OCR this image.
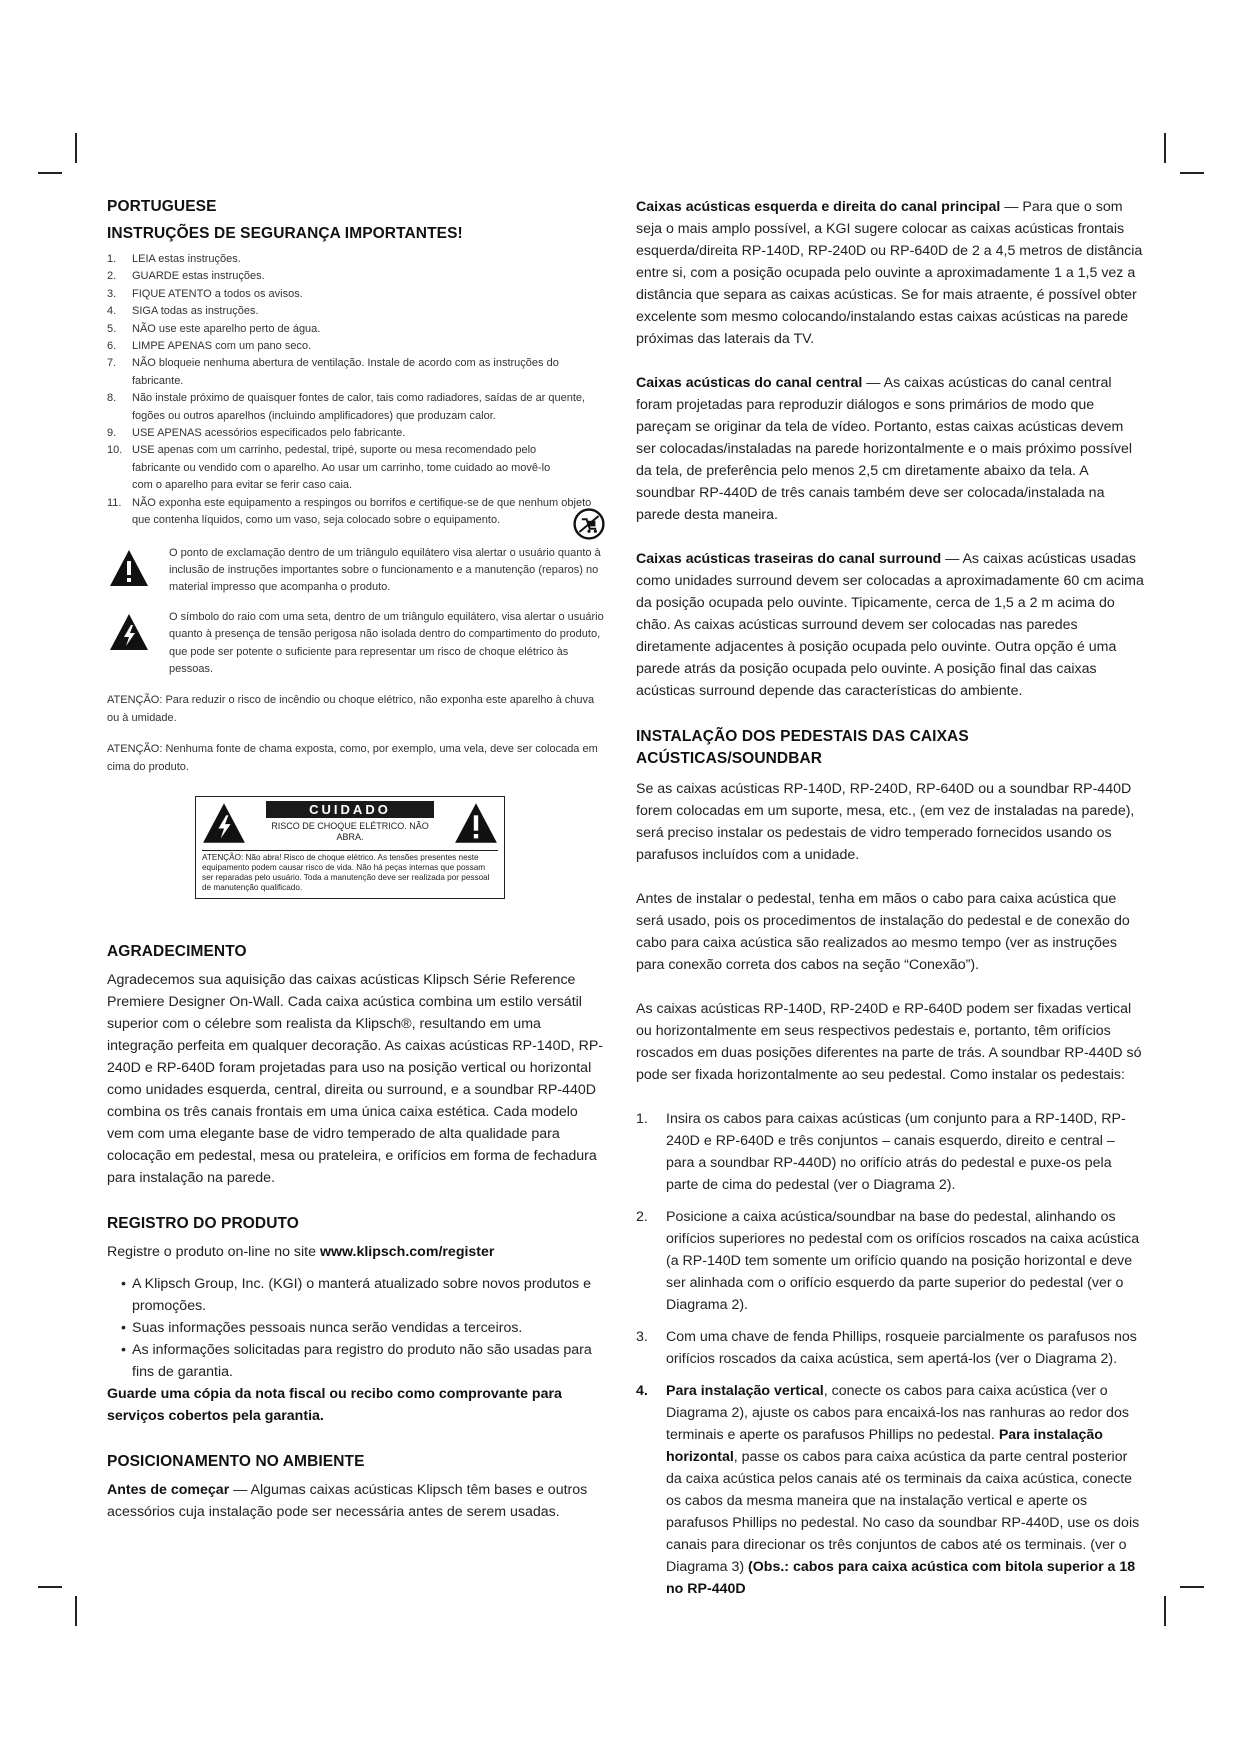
PORTUGUESE
INSTRUÇÕES DE SEGURANÇA IMPORTANTES!
1. LEIA estas instruções.
2. GUARDE estas instruções.
3. FIQUE ATENTO a todos os avisos.
4. SIGA todas as instruções.
5. NÃO use este aparelho perto de água.
6. LIMPE APENAS com um pano seco.
7. NÃO bloqueie nenhuma abertura de ventilação. Instale de acordo com as instruções do fabricante.
8. Não instale próximo de quaisquer fontes de calor, tais como radiadores, saídas de ar quente, fogões ou outros aparelhos (incluindo amplificadores) que produzam calor.
9. USE APENAS acessórios especificados pelo fabricante.
10. USE apenas com um carrinho, pedestal, tripé, suporte ou mesa recomendado pelo fabricante ou vendido com o aparelho. Ao usar um carrinho, tome cuidado ao movê-lo com o aparelho para evitar se ferir caso caia.
11. NÃO exponha este equipamento a respingos ou borrifos e certifique-se de que nenhum objeto que contenha líquidos, como um vaso, seja colocado sobre o equipamento.

O ponto de exclamação dentro de um triângulo equilátero visa alertar o usuário quanto à inclusão de instruções importantes sobre o funcionamento e a manutenção (reparos) no material impresso que acompanha o produto.

O símbolo do raio com uma seta, dentro de um triângulo equilátero, visa alertar o usuário quanto à presença de tensão perigosa não isolada dentro do compartimento do produto, que pode ser potente o suficiente para representar um risco de choque elétrico às pessoas.

ATENÇÃO: Para reduzir o risco de incêndio ou choque elétrico, não exponha este aparelho à chuva ou à umidade.

ATENÇÃO: Nenhuma fonte de chama exposta, como, por exemplo, uma vela, deve ser colocada em cima do produto.

CUIDADO
RISCO DE CHOQUE ELÉTRICO. NÃO ABRA.
ATENÇÃO: Não abra! Risco de choque elétrico. As tensões presentes neste equipamento podem causar risco de vida. Não há peças internas que possam ser reparadas pelo usuário. Toda a manutenção deve ser realizada por pessoal de manutenção qualificado.
AGRADECIMENTO

Agradecemos sua aquisição das caixas acústicas Klipsch Série Reference Premiere Designer On-Wall. Cada caixa acústica combina um estilo versátil superior com o célebre som realista da Klipsch®, resultando em uma integração perfeita em qualquer decoração. As caixas acústicas RP-140D, RP-240D e RP-640D foram projetadas para uso na posição vertical ou horizontal como unidades esquerda, central, direita ou surround, e a soundbar RP-440D combina os três canais frontais em uma única caixa estética. Cada modelo vem com uma elegante base de vidro temperado de alta qualidade para colocação em pedestal, mesa ou prateleira, e orifícios em forma de fechadura para instalação na parede.

REGISTRO DO PRODUTO

Registre o produto on-line no site www.klipsch.com/register

• A Klipsch Group, Inc. (KGI) o manterá atualizado sobre novos produtos e promoções.
• Suas informações pessoais nunca serão vendidas a terceiros.
• As informações solicitadas para registro do produto não são usadas para fins de garantia.

Guarde uma cópia da nota fiscal ou recibo como comprovante para serviços cobertos pela garantia.

POSICIONAMENTO NO AMBIENTE

Antes de começar — Algumas caixas acústicas Klipsch têm bases e outros acessórios cuja instalação pode ser necessária antes de serem usadas.

Caixas acústicas esquerda e direita do canal principal — Para que o som seja o mais amplo possível, a KGI sugere colocar as caixas acústicas frontais esquerda/direita RP-140D, RP-240D ou RP-640D de 2 a 4,5 metros de distância entre si, com a posição ocupada pelo ouvinte a aproximadamente 1 a 1,5 vez a distância que separa as caixas acústicas. Se for mais atraente, é possível obter excelente som mesmo colocando/instalando estas caixas acústicas na parede próximas das laterais da TV.

Caixas acústicas do canal central — As caixas acústicas do canal central foram projetadas para reproduzir diálogos e sons primários de modo que pareçam se originar da tela de vídeo. Portanto, estas caixas acústicas devem ser colocadas/instaladas na parede horizontalmente e o mais próximo possível da tela, de preferência pelo menos 2,5 cm diretamente abaixo da tela. A soundbar RP-440D de três canais também deve ser colocada/instalada na parede desta maneira.

Caixas acústicas traseiras do canal surround — As caixas acústicas usadas como unidades surround devem ser colocadas a aproximadamente 60 cm acima da posição ocupada pelo ouvinte. Tipicamente, cerca de 1,5 a 2 m acima do chão. As caixas acústicas surround devem ser colocadas nas paredes diretamente adjacentes à posição ocupada pelo ouvinte. Outra opção é uma parede atrás da posição ocupada pelo ouvinte. A posição final das caixas acústicas surround depende das características do ambiente.

INSTALAÇÃO DOS PEDESTAIS DAS CAIXAS ACÚSTICAS/SOUNDBAR

Se as caixas acústicas RP-140D, RP-240D, RP-640D ou a soundbar RP-440D forem colocadas em um suporte, mesa, etc., (em vez de instaladas na parede), será preciso instalar os pedestais de vidro temperado fornecidos usando os parafusos incluídos com a unidade.

Antes de instalar o pedestal, tenha em mãos o cabo para caixa acústica que será usado, pois os procedimentos de instalação do pedestal e de conexão do cabo para caixa acústica são realizados ao mesmo tempo (ver as instruções para conexão correta dos cabos na seção “Conexão”).

As caixas acústicas RP-140D, RP-240D e RP-640D podem ser fixadas vertical ou horizontalmente em seus respectivos pedestais e, portanto, têm orifícios roscados em duas posições diferentes na parte de trás. A soundbar RP-440D só pode ser fixada horizontalmente ao seu pedestal. Como instalar os pedestais:

1. Insira os cabos para caixas acústicas (um conjunto para a RP-140D, RP-240D e RP-640D e três conjuntos – canais esquerdo, direito e central – para a soundbar RP-440D) no orifício atrás do pedestal e puxe-os pela parte de cima do pedestal (ver o Diagrama 2).
2. Posicione a caixa acústica/soundbar na base do pedestal, alinhando os orifícios superiores no pedestal com os orifícios roscados na caixa acústica (a RP-140D tem somente um orifício quando na posição horizontal e deve ser alinhada com o orifício esquerdo da parte superior do pedestal (ver o Diagrama 2).
3. Com uma chave de fenda Phillips, rosqueie parcialmente os parafusos nos orifícios roscados da caixa acústica, sem apertá-los (ver o Diagrama 2).
4. Para instalação vertical, conecte os cabos para caixa acústica (ver o Diagrama 2), ajuste os cabos para encaixá-los nas ranhuras ao redor dos terminais e aperte os parafusos Phillips no pedestal. Para instalação horizontal, passe os cabos para caixa acústica da parte central posterior da caixa acústica pelos canais até os terminais da caixa acústica, conecte os cabos da mesma maneira que na instalação vertical e aperte os parafusos Phillips no pedestal. No caso da soundbar RP-440D, use os dois canais para direcionar os três conjuntos de cabos até os terminais. (ver o Diagrama 3) (Obs.: cabos para caixa acústica com bitola superior a 18 no RP-440D
